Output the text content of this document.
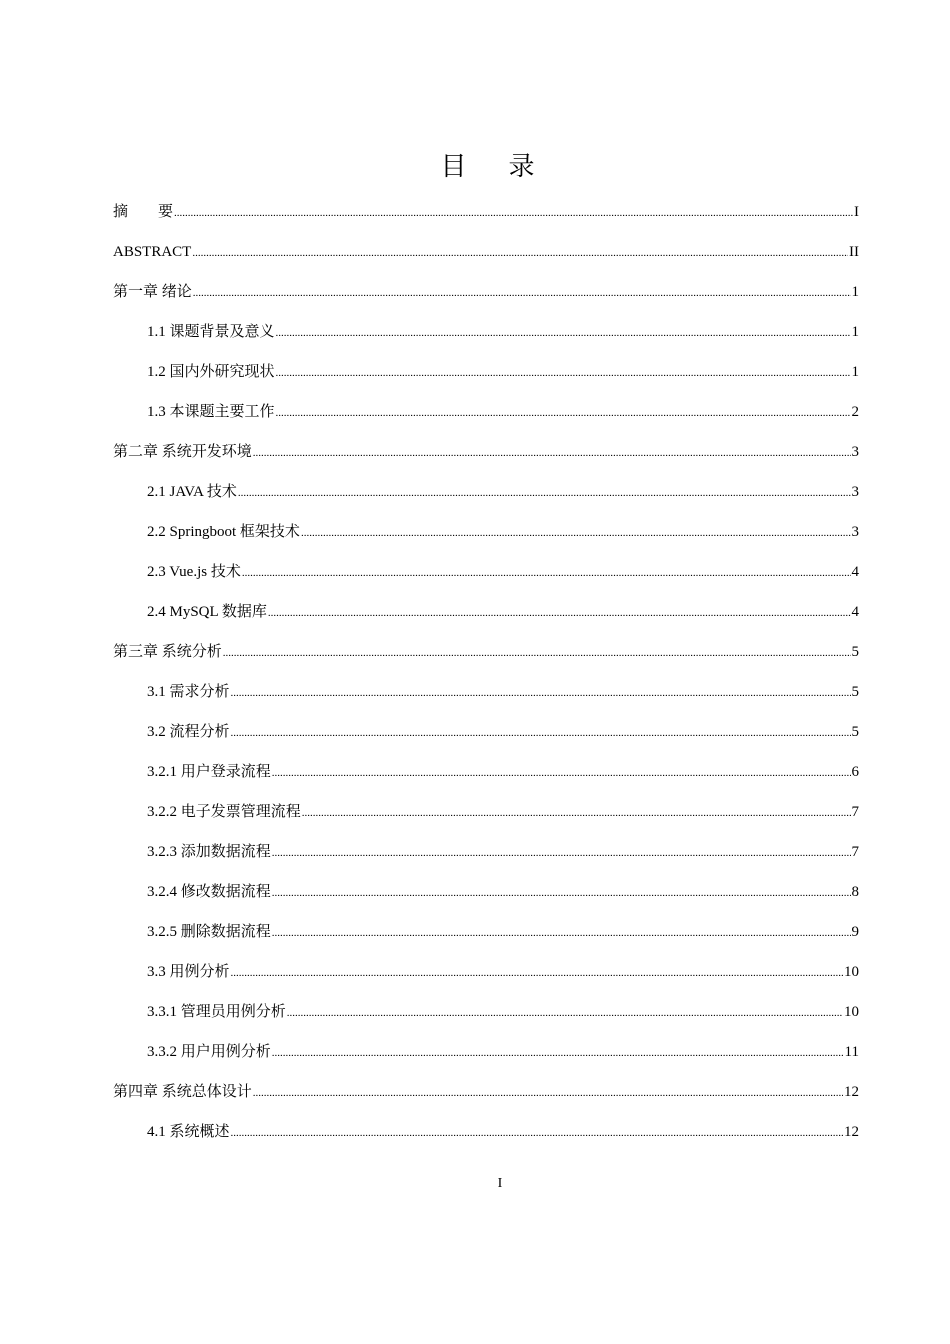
目 录
摘　　要 .....	I
ABSTRACT .....	II
第一章 绪论 .....	1
1.1 课题背景及意义 .....	1
1.2 国内外研究现状 .....	1
1.3 本课题主要工作 .....	2
第二章 系统开发环境 .....	3
2.1 JAVA 技术 .....	3
2.2 Springboot 框架技术 .....	3
2.3 Vue.js 技术 .....	4
2.4 MySQL 数据库 .....	4
第三章 系统分析 .....	5
3.1 需求分析 .....	5
3.2 流程分析 .....	5
3.2.1 用户登录流程 .....	6
3.2.2 电子发票管理流程 .....	7
3.2.3 添加数据流程 .....	7
3.2.4 修改数据流程 .....	8
3.2.5 删除数据流程 .....	9
3.3 用例分析 .....	10
3.3.1 管理员用例分析 .....	10
3.3.2 用户用例分析 .....	11
第四章 系统总体设计 .....	12
4.1 系统概述 .....	12
I
